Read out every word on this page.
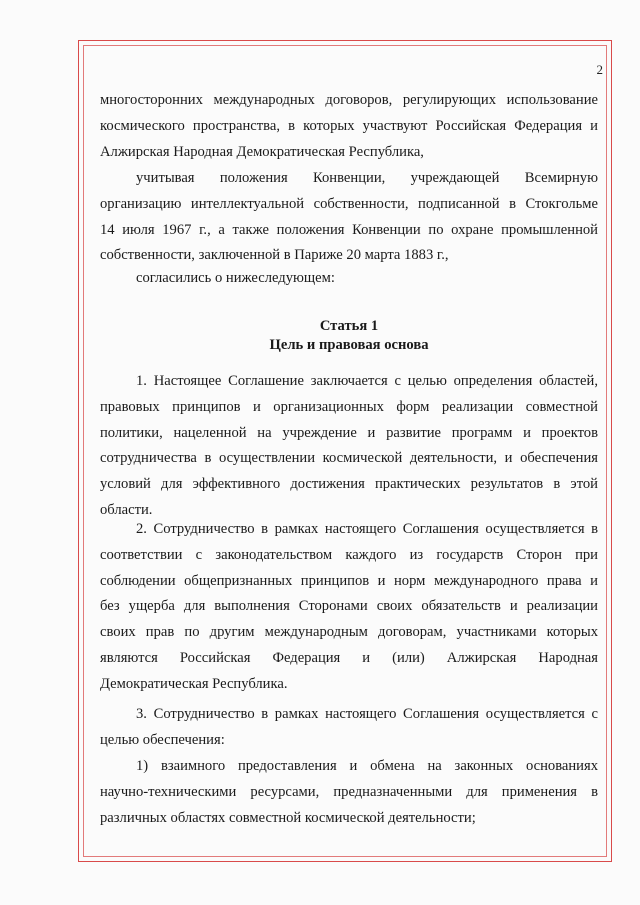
2

многосторонних международных договоров, регулирующих использование

космического пространства, в которых участвуют Российская Федерация и

Алжирская Народная Демократическая Республика,

учитывая положения Конвенции, учреждающей Всемирную

организацию интеллектуальной собственности, подписанной в Стокгольме

14 июля 1967 г., а также положения Конвенции по охране промышленной

собственности, заключенной в Париже 20 марта 1883 г.,

согласились о нижеследующем:

Статья 1
Цель и правовая основа

1. Настоящее Соглашение заключается с целью определения областей,

правовых принципов и организационных форм реализации совместной

политики, нацеленной на учреждение и развитие программ и проектов

сотрудничества в осуществлении космической деятельности, и обеспечения

условий для эффективного достижения практических результатов в этой

области.

2. Сотрудничество в рамках настоящего Соглашения осуществляется в

соответствии с законодательством каждого из государств Сторон при

соблюдении общепризнанных принципов и норм международного права и

без ущерба для выполнения Сторонами своих обязательств и реализации

своих прав по другим международным договорам, участниками которых

являются Российская Федерация и (или) Алжирская Народная

Демократическая Республика.

3. Сотрудничество в рамках настоящего Соглашения осуществляется с

целью обеспечения:

1) взаимного предоставления и обмена на законных основаниях

научно-техническими ресурсами, предназначенными для применения в

различных областях совместной космической деятельности;
